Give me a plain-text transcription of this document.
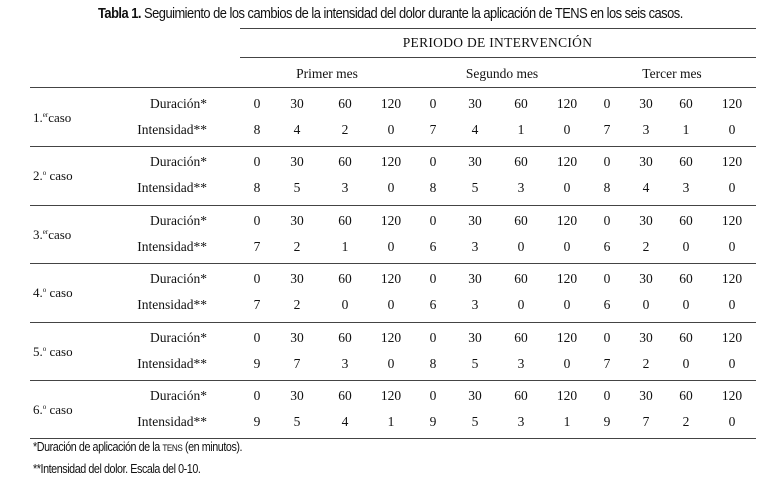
Tabla 1. Seguimiento de los cambios de la intensidad del dolor durante la aplicación de TENS en los seis casos.
PERIODO DE INTERVENCIÓN
Primer mes	Segundo mes	Tercer mes
1.$^{er}$caso
Duración*	0	30	60	120	0	30	60	120	0	30	60	120
Intensidad**	8	4	2	0	7	4	1	0	7	3	1	0
2.$^o$ caso
Duración*	0	30	60	120	0	30	60	120	0	30	60	120
Intensidad**	8	5	3	0	8	5	3	0	8	4	3	0
3.$^{er}$caso
Duración*	0	30	60	120	0	30	60	120	0	30	60	120
Intensidad**	7	2	1	0	6	3	0	0	6	2	0	0
4.$^o$ caso
Duración*	0	30	60	120	0	30	60	120	0	30	60	120
Intensidad**	7	2	0	0	6	3	0	0	6	0	0	0
5.$^o$ caso
Duración*	0	30	60	120	0	30	60	120	0	30	60	120
Intensidad**	9	7	3	0	8	5	3	0	7	2	0	0
6.$^o$ caso
Duración*	0	30	60	120	0	30	60	120	0	30	60	120
Intensidad**	9	5	4	1	9	5	3	1	9	7	2	0
*Duración de aplicación de la TENS (en minutos).
**Intensidad del dolor. Escala del 0-10.
